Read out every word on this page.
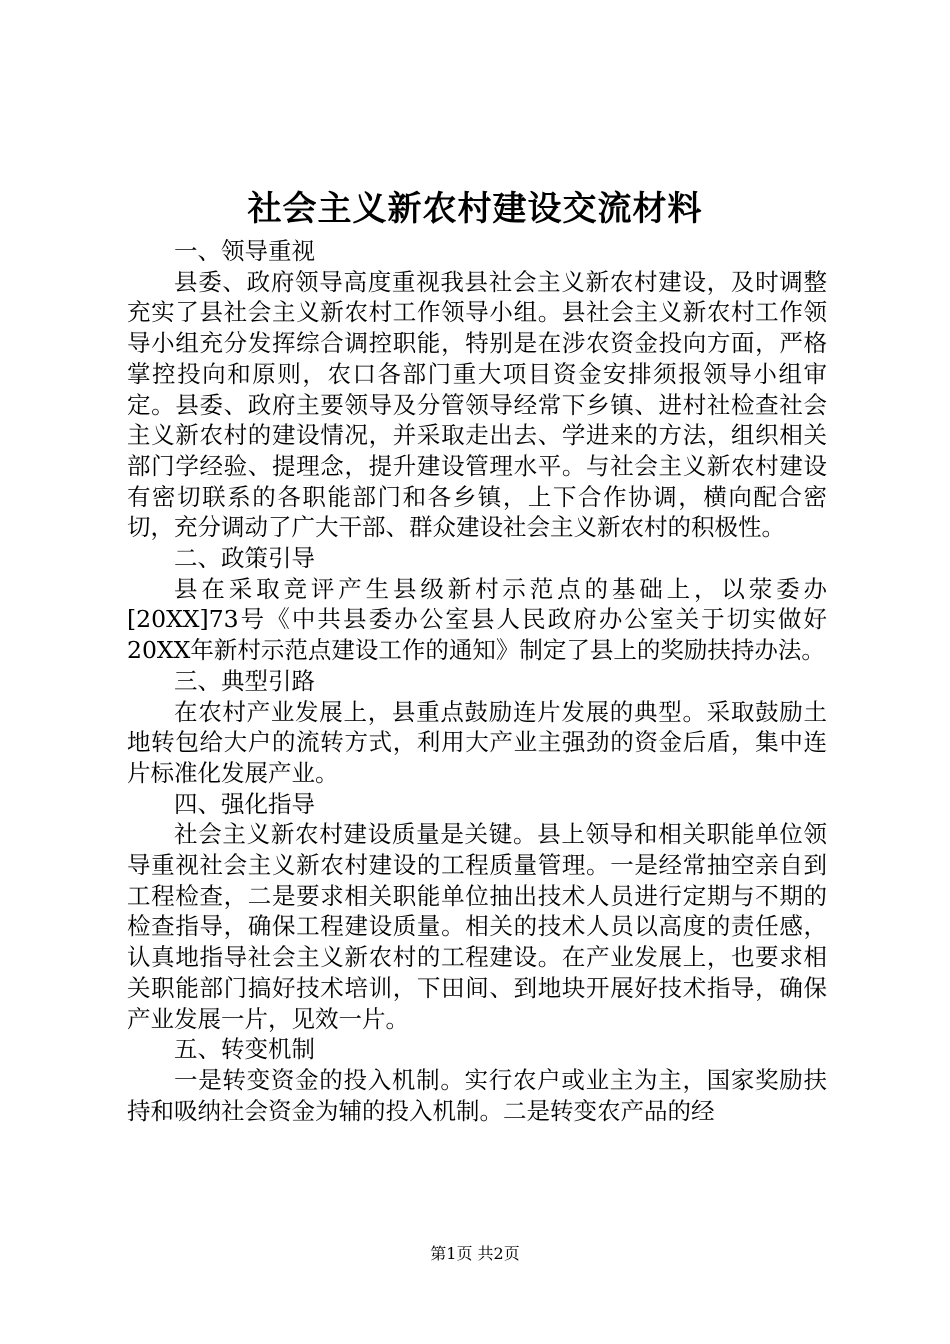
社会主义新农村建设交流材料

一、领导重视

县委、政府领导高度重视我县社会主义新农村建设，及时调整充实了县社会主义新农村工作领导小组。县社会主义新农村工作领导小组充分发挥综合调控职能，特别是在涉农资金投向方面，严格掌控投向和原则，农口各部门重大项目资金安排须报领导小组审定。县委、政府主要领导及分管领导经常下乡镇、进村社检查社会主义新农村的建设情况，并采取走出去、学进来的方法，组织相关部门学经验、提理念，提升建设管理水平。与社会主义新农村建设有密切联系的各职能部门和各乡镇，上下合作协调，横向配合密切，充分调动了广大干部、群众建设社会主义新农村的积极性。

二、政策引导

县在采取竞评产生县级新村示范点的基础上，以荥委办[20XX]73号《中共县委办公室县人民政府办公室关于切实做好20XX年新村示范点建设工作的通知》制定了县上的奖励扶持办法。

三、典型引路

在农村产业发展上，县重点鼓励连片发展的典型。采取鼓励土地转包给大户的流转方式，利用大产业主强劲的资金后盾，集中连片标准化发展产业。

四、强化指导

社会主义新农村建设质量是关键。县上领导和相关职能单位领导重视社会主义新农村建设的工程质量管理。一是经常抽空亲自到工程检查，二是要求相关职能单位抽出技术人员进行定期与不期的检查指导，确保工程建设质量。相关的技术人员以高度的责任感，认真地指导社会主义新农村的工程建设。在产业发展上，也要求相关职能部门搞好技术培训，下田间、到地块开展好技术指导，确保产业发展一片，见效一片。

五、转变机制

一是转变资金的投入机制。实行农户或业主为主，国家奖励扶持和吸纳社会资金为辅的投入机制。二是转变农产品的经

第1页 共2页
